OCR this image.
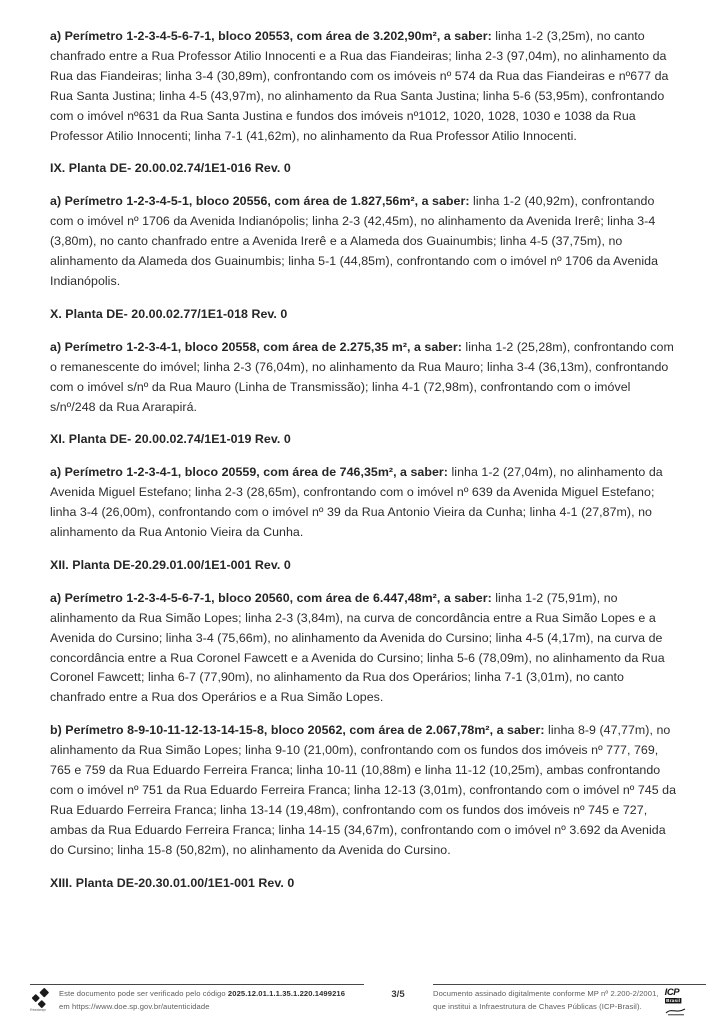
a) Perímetro 1-2-3-4-5-6-7-1, bloco 20553, com área de 3.202,90m², a saber: linha 1-2 (3,25m), no canto chanfrado entre a Rua Professor Atilio Innocenti e a Rua das Fiandeiras; linha 2-3 (97,04m), no alinhamento da Rua das Fiandeiras; linha 3-4 (30,89m), confrontando com os imóveis nº 574 da Rua das Fiandeiras e nº677 da Rua Santa Justina; linha 4-5 (43,97m), no alinhamento da Rua Santa Justina; linha 5-6 (53,95m), confrontando com o imóvel nº631 da Rua Santa Justina e fundos dos imóveis nº1012, 1020, 1028, 1030 e 1038 da Rua Professor Atilio Innocenti; linha 7-1 (41,62m), no alinhamento da Rua Professor Atilio Innocenti.

IX. Planta DE- 20.00.02.74/1E1-016 Rev. 0

a) Perímetro 1-2-3-4-5-1, bloco 20556, com área de 1.827,56m², a saber: linha 1-2 (40,92m), confrontando com o imóvel nº 1706 da Avenida Indianópolis; linha 2-3 (42,45m), no alinhamento da Avenida Irerê; linha 3-4 (3,80m), no canto chanfrado entre a Avenida Irerê e a Alameda dos Guainumbis; linha 4-5 (37,75m), no alinhamento da Alameda dos Guainumbis; linha 5-1 (44,85m), confrontando com o imóvel nº 1706 da Avenida Indianópolis.

X. Planta DE- 20.00.02.77/1E1-018 Rev. 0

a) Perímetro 1-2-3-4-1, bloco 20558, com área de 2.275,35 m², a saber: linha 1-2 (25,28m), confrontando com o remanescente do imóvel; linha 2-3 (76,04m), no alinhamento da Rua Mauro; linha 3-4 (36,13m), confrontando com o imóvel s/nº da Rua Mauro (Linha de Transmissão); linha 4-1 (72,98m), confrontando com o imóvel s/nº/248 da Rua Ararapirá.

XI. Planta DE- 20.00.02.74/1E1-019 Rev. 0

a) Perímetro 1-2-3-4-1, bloco 20559, com área de 746,35m², a saber: linha 1-2 (27,04m), no alinhamento da Avenida Miguel Estefano; linha 2-3 (28,65m), confrontando com o imóvel nº 639 da Avenida Miguel Estefano; linha 3-4 (26,00m), confrontando com o imóvel nº 39 da Rua Antonio Vieira da Cunha; linha 4-1 (27,87m), no alinhamento da Rua Antonio Vieira da Cunha.

XII. Planta DE-20.29.01.00/1E1-001 Rev. 0

a) Perímetro 1-2-3-4-5-6-7-1, bloco 20560, com área de 6.447,48m², a saber: linha 1-2 (75,91m), no alinhamento da Rua Simão Lopes; linha 2-3 (3,84m), na curva de concordância entre a Rua Simão Lopes e a Avenida do Cursino; linha 3-4 (75,66m), no alinhamento da Avenida do Cursino; linha 4-5 (4,17m), na curva de concordância entre a Rua Coronel Fawcett e a Avenida do Cursino; linha 5-6 (78,09m), no alinhamento da Rua Coronel Fawcett; linha 6-7 (77,90m), no alinhamento da Rua dos Operários; linha 7-1 (3,01m), no canto chanfrado entre a Rua dos Operários e a Rua Simão Lopes.

b) Perímetro 8-9-10-11-12-13-14-15-8, bloco 20562, com área de 2.067,78m², a saber: linha 8-9 (47,77m), no alinhamento da Rua Simão Lopes; linha 9-10 (21,00m), confrontando com os fundos dos imóveis nº 777, 769, 765 e 759 da Rua Eduardo Ferreira Franca; linha 10-11 (10,88m) e linha 11-12 (10,25m), ambas confrontando com o imóvel nº 751 da Rua Eduardo Ferreira Franca; linha 12-13 (3,01m), confrontando com o imóvel nº 745 da Rua Eduardo Ferreira Franca; linha 13-14 (19,48m), confrontando com os fundos dos imóveis nº 745 e 727, ambas da Rua Eduardo Ferreira Franca; linha 14-15 (34,67m), confrontando com o imóvel nº 3.692 da Avenida do Cursino; linha 15-8 (50,82m), no alinhamento da Avenida do Cursino.

XIII. Planta DE-20.30.01.00/1E1-001 Rev. 0

Prodesp
Este documento pode ser verificado pelo código 2025.12.01.1.1.35.1.220.1499216
em https://www.doe.sp.gov.br/autenticidade
3/5	Documento assinado digitalmente conforme MP nº 2.200-2/2001,
que institui a Infraestrutura de Chaves Públicas (ICP-Brasil).
ICP
Brasil
